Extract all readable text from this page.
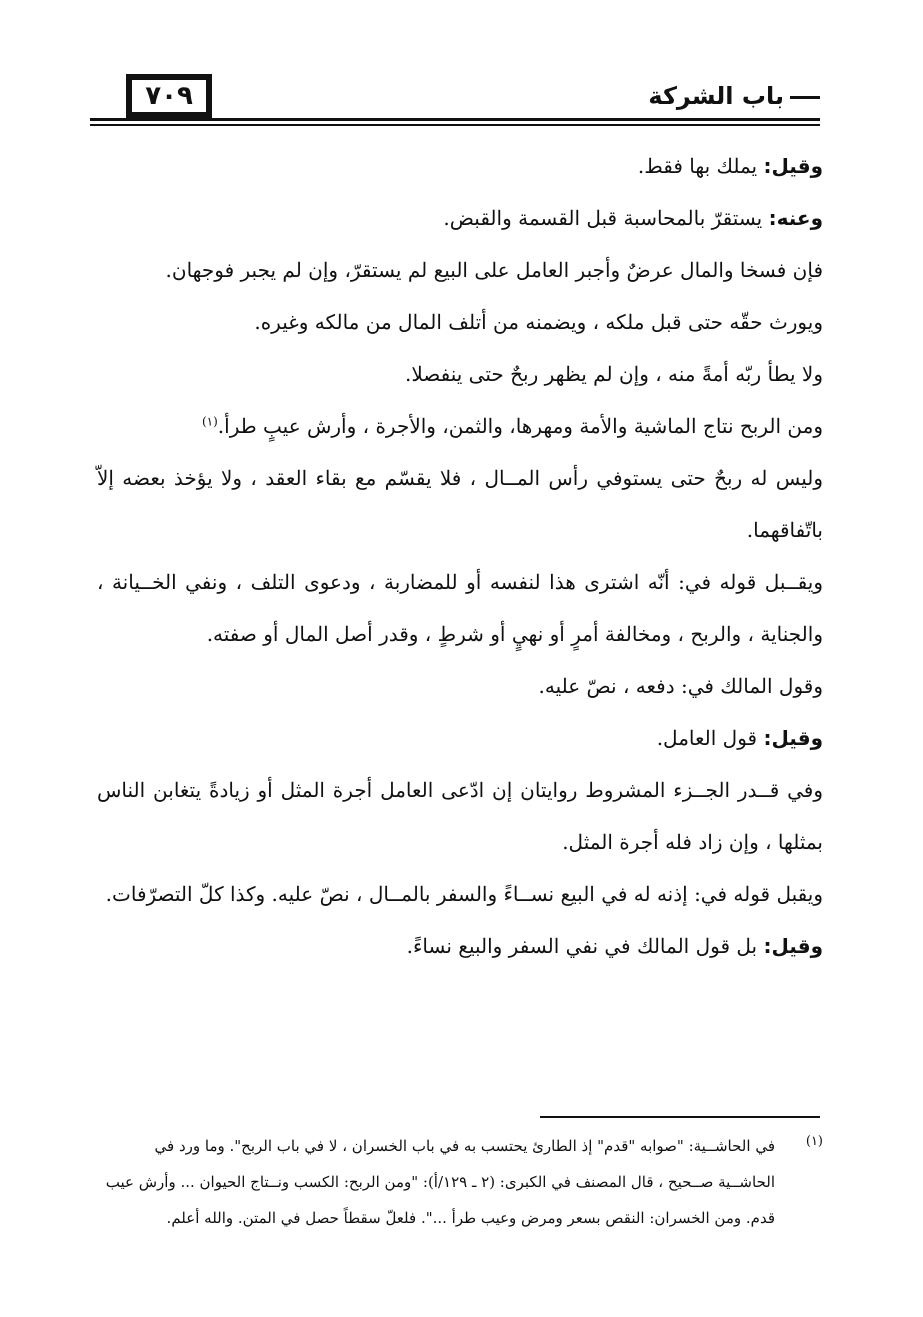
٧٠٩	باب الشركة

وقيل: يملك بها فقط.

وعنه: يستقرّ بالمحاسبة قبل القسمة والقبض.

فإن فسخا والمال عرضٌ وأجبر العامل على البيع لم يستقرّ، وإن لم يجبر فوجهان.

ويورث حقّه حتى قبل ملكه ، ويضمنه من أتلف المال من مالكه وغيره.

ولا يطأ ربّه أمةً منه ، وإن لم يظهر ربحٌ حتى ينفصلا.

ومن الربح نتاج الماشية والأمة ومهرها، والثمن، والأجرة ، وأرش عيبٍ طرأ.$^{(١)}$

وليس له ربحٌ حتى يستوفي رأس المــال ، فلا يقسّم مع بقاء العقد ، ولا يؤخذ بعضه إلاّ باتّفاقهما.

ويقــبل قوله في: أنّه اشترى هذا لنفسه أو للمضاربة ، ودعوى التلف ، ونفي الخــيانة ، والجناية ، والربح ، ومخالفة أمرٍ أو نهيٍ أو شرطٍ ، وقدر أصل المال أو صفته.

وقول المالك في: دفعه ، نصّ عليه.

وقيل: قول العامل.

وفي قــدر الجــزء المشروط روايتان إن ادّعى العامل أجرة المثل أو زيادةً يتغابن الناس بمثلها ، وإن زاد فله أجرة المثل.

ويقبل قوله في: إذنه له في البيع نســاءً والسفر بالمــال ، نصّ عليه. وكذا كلّ التصرّفات.

وقيل: بل قول المالك في نفي السفر والبيع نساءً.

(١)
في الحاشــية: "صوابه "قدم" إذ الطارئ يحتسب به في باب الخسران ، لا في باب الربح". وما ورد في الحاشــية صــحيح ، قال المصنف في الكبرى: (٢ ـ ١٢٩/أ): "ومن الربح: الكسب ونــتاج الحيوان ... وأرش عيب قدم. ومن الخسران: النقص بسعر ومرض وعيب طرأ ...". فلعلّ سقطاً حصل في المتن. والله أعلم.
